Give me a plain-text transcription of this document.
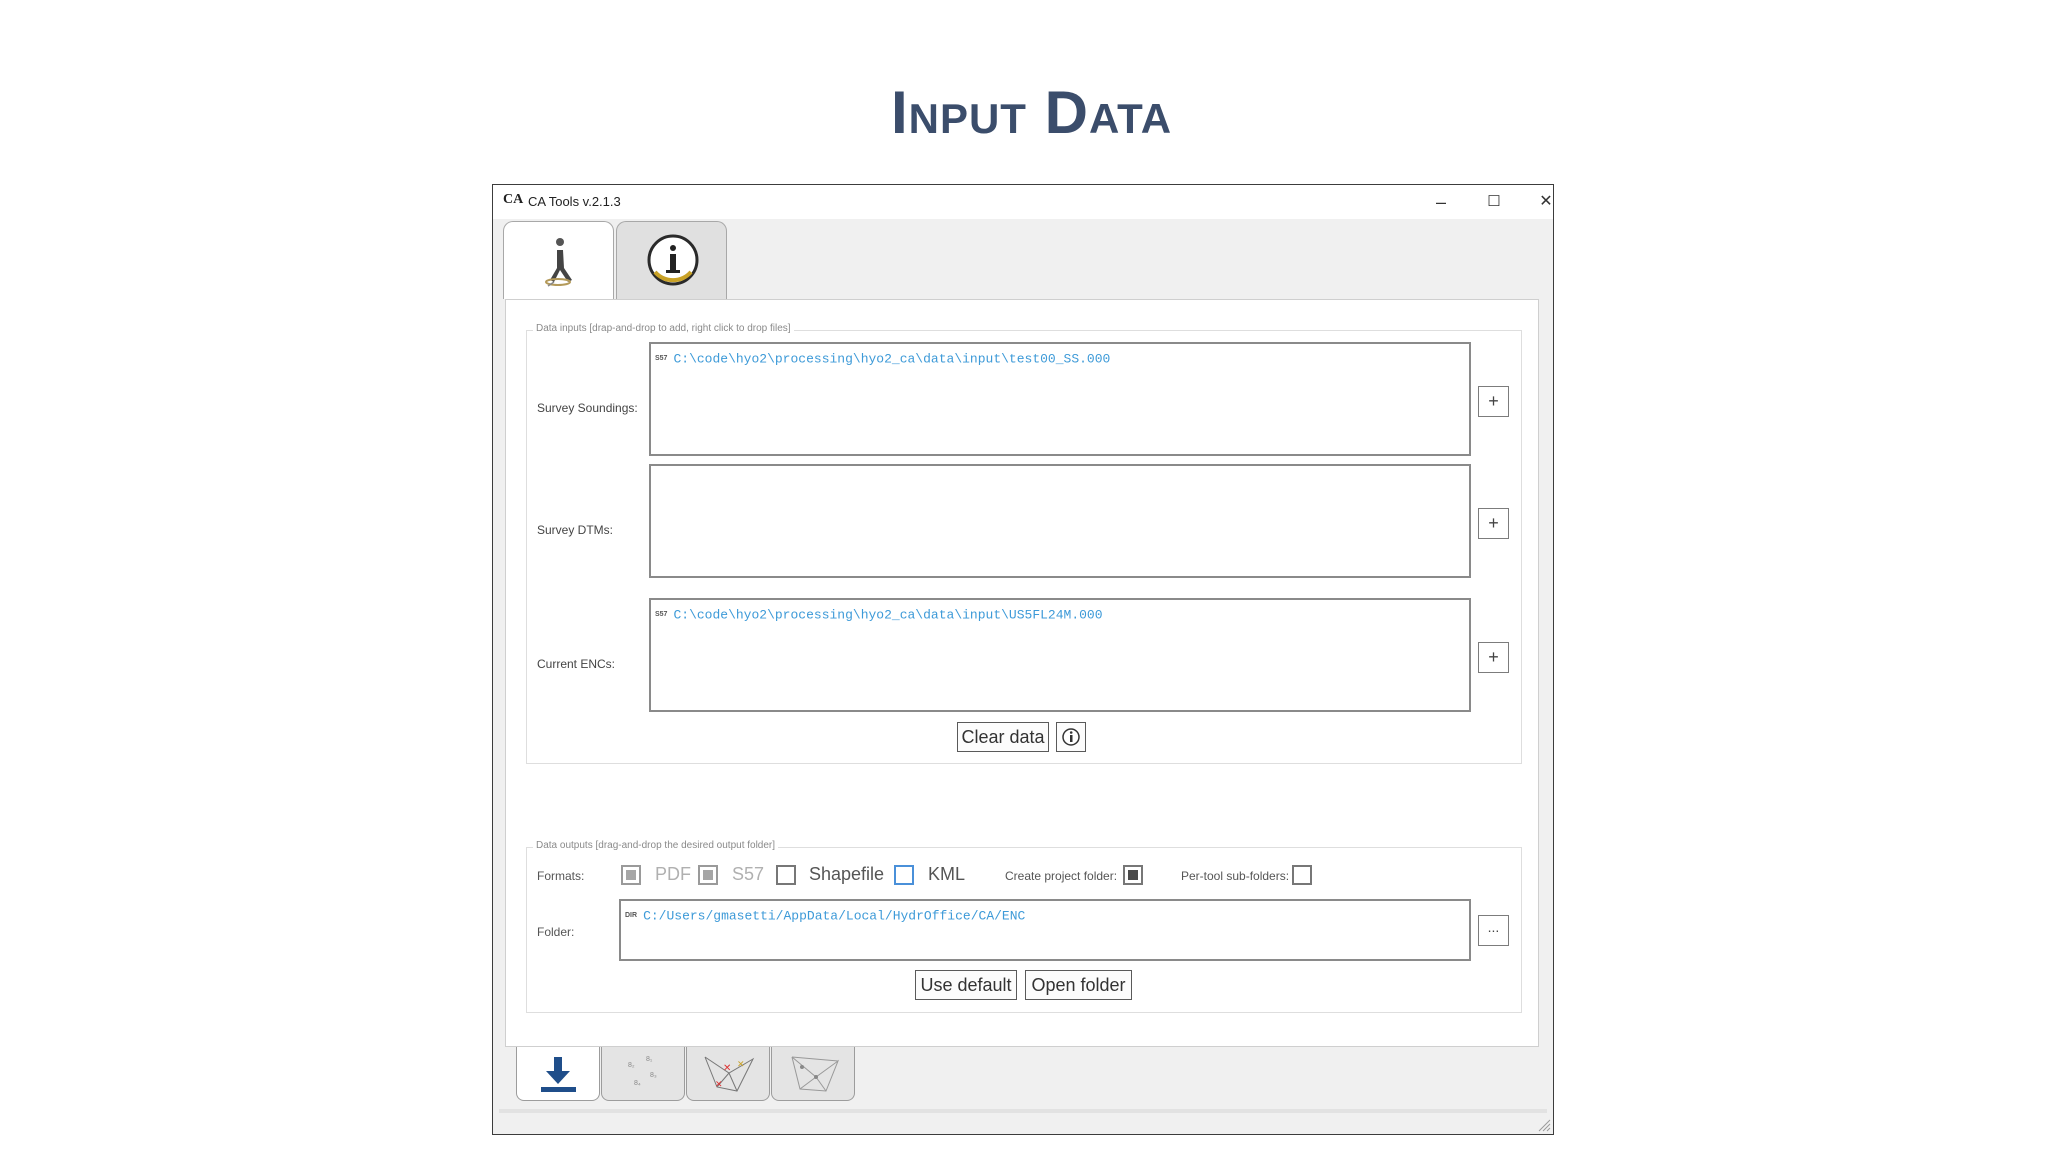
Input Data
CA CA Tools v.2.1.3	–	☐	✕
Data inputs [drap-and-drop to add, right click to drop files]
Survey Soundings:
S57 C:\code\hyo2\processing\hyo2_ca\data\input\test00_SS.000
+
Survey DTMs:	+
Current ENCs:
S57 C:\code\hyo2\processing\hyo2_ca\data\input\US5FL24M.000
+
Clear data
Data outputs [drag-and-drop the desired output folder]
Formats:	PDF S57 Shapefile KML	Create project folder:	Per-tool sub-folders:
Folder:
DIR C:/Users/gmasetti/AppData/Local/HydrOffice/CA/ENC
...
Use default	Open folder
8₂
8₁
8₃
8₄
✕
✕
✕
